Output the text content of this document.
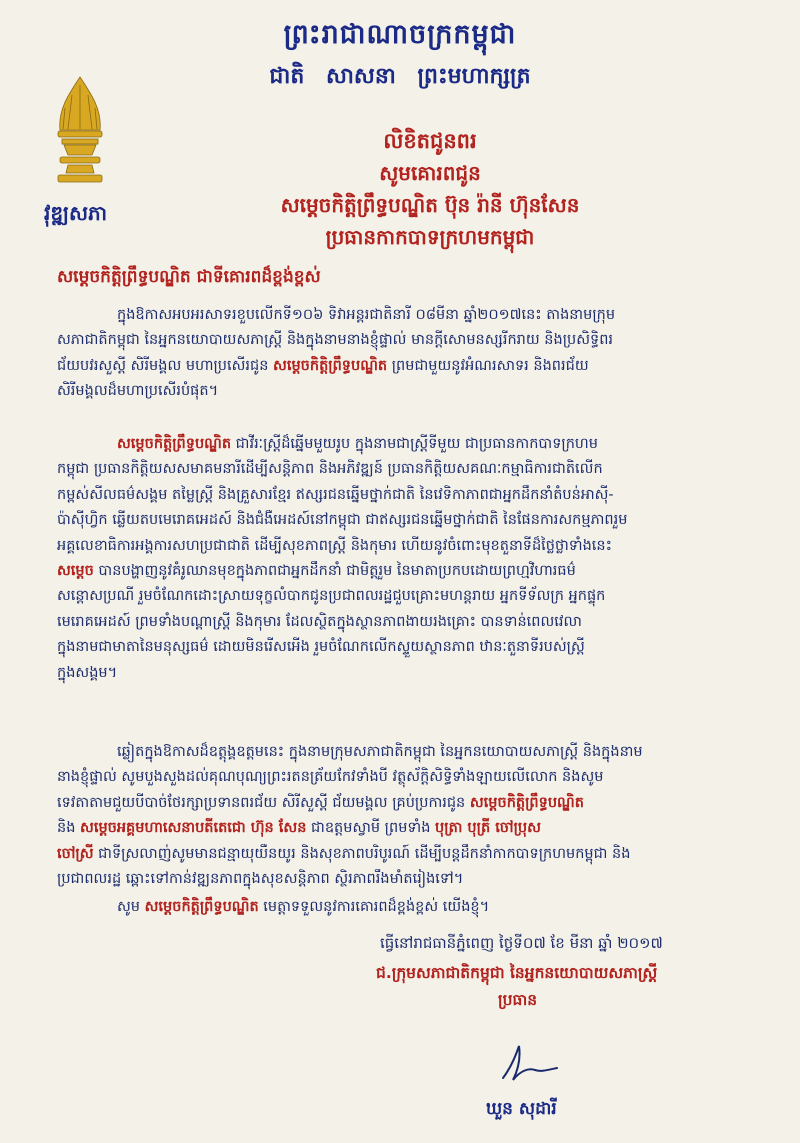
ព្រះរាជាណាចក្រកម្ពុជា
ជាតិ សាសនា ព្រះមហាក្សត្រ
វុឌ្ឍសភា
លិខិតជូនពរ
សូមគោរពជូន
សម្តេចកិត្តិព្រឹទ្ធបណ្ឌិត ប៊ុន រ៉ានី ហ៊ុនសែន
ប្រធានកាកបាទក្រហមកម្ពុជា
សម្តេចកិត្តិព្រឹទ្ធបណ្ឌិត ជាទីគោរពដ៏ខ្ពង់ខ្ពស់
ក្នុងឱកាសអបអរសាទរខួបលើកទី១០៦ ទិវាអន្តរជាតិនារី ០៨មីនា ឆ្នាំ២០១៧នេះ តាងនាមក្រុម
សភាជាតិកម្ពុជា នៃអ្នកនយោបាយសភាស្ត្រី និងក្នុងនាមនាងខ្ញុំផ្ទាល់ មានក្តីសោមនស្សរីករាយ និងប្រសិទ្ធិពរ
ជ័យបវរសួស្តី សិរីមង្គល មហាប្រសើរជូន សម្តេចកិត្តិព្រឹទ្ធបណ្ឌិត ព្រមជាមួយនូវអំណរសាទរ និងពរជ័យ
សិរីមង្គលដ៏មហាប្រសើរបំផុត។
សម្តេចកិត្តិព្រឹទ្ធបណ្ឌិត ជាវីរៈស្ត្រីដ៏ឆ្នើមមួយរូប ក្នុងនាមជាស្ត្រីទីមួយ ជាប្រធានកាកបាទក្រហម
កម្ពុជា ប្រធានកិត្តិយសសមាគមនារីដើម្បីសន្តិភាព និងអភិវឌ្ឍន៍ ប្រធានកិត្តិយសគណៈកម្មាធិការជាតិលើក
កម្ពស់សីលធម៌សង្គម តម្លៃស្ត្រី និងគ្រួសារខ្មែរ ឥស្សរជនឆ្នើមថ្នាក់ជាតិ នៃវេទិកាភាពជាអ្នកដឹកនាំតំបន់អាស៊ី-
ប៉ាស៊ីហ្វិក ឆ្លើយតបមេរោគអេដស៍ និងជំងឺអេដស៍នៅកម្ពុជា ជាឥស្សរជនឆ្នើមថ្នាក់ជាតិ នៃផែនការសកម្មភាពរួម
អគ្គលេខាធិការអង្គការសហប្រជាជាតិ ដើម្បីសុខភាពស្ត្រី និងកុមារ ហើយនូវចំពោះមុខតួនាទីដ៏ថ្លៃថ្លាទាំងនេះ
សម្តេច បានបង្ហាញនូវគំរូឈានមុខក្នុងភាពជាអ្នកដឹកនាំ ជាមិត្តរួម នៃមាតាប្រកបដោយព្រហ្មវិហារធម៌
សន្តោសប្រណី រួមចំណែកដោះស្រាយទុក្ខលំបាកជូនប្រជាពលរដ្ឋជួបគ្រោះមហន្តរាយ អ្នកទីទ័លក្រ អ្នកផ្ទុក
មេរោគអេដស៍ ព្រមទាំងបណ្តាស្ត្រី និងកុមារ ដែលស្ថិតក្នុងស្ថានភាពងាយរងគ្រោះ បានទាន់ពេលវេលា
ក្នុងនាមជាមាតានៃមនុស្សធម៌ ដោយមិនរើសអើង រួមចំណែកលើកស្ទួយស្ថានភាព ឋានៈតួនាទីរបស់ស្ត្រី
ក្នុងសង្គម។
ឆ្លៀតក្នុងឱកាសដ៏ឧត្តុង្គឧត្តមនេះ ក្នុងនាមក្រុមសភាជាតិកម្ពុជា នៃអ្នកនយោបាយសភាស្ត្រី និងក្នុងនាម
នាងខ្ញុំផ្ទាល់ សូមបួងសួងដល់គុណបុណ្យព្រះរតនត្រ័យកែវទាំងបី វត្ថុស័ក្តិសិទ្ធិទាំងឡាយលើលោក និងសូម
ទេវតាតាមជួយបីបាច់ថែរក្សាប្រទានពរជ័យ សិរីសួស្តី ជ័យមង្គល គ្រប់ប្រការជូន សម្តេចកិត្តិព្រឹទ្ធបណ្ឌិត
និង សម្តេចអគ្គមហាសេនាបតីតេជោ ហ៊ុន សែន ជាឧត្តមស្វាមី ព្រមទាំង បុត្រា បុត្រី ចៅប្រុស
ចៅស្រី ជាទីស្រលាញ់សូមមានជន្មាយុយឺនយូរ និងសុខភាពបរិបូរណ៍ ដើម្បីបន្តដឹកនាំកាកបាទក្រហមកម្ពុជា និង
ប្រជាពលរដ្ឋ ឆ្ពោះទៅកាន់វឌ្ឍនភាពក្នុងសុខសន្តិភាព ស្ថិរភាពរឹងមាំតរៀងទៅ។
សូម សម្តេចកិត្តិព្រឹទ្ធបណ្ឌិត មេត្តាទទួលនូវការគោរពដ៏ខ្ពង់ខ្ពស់ យើងខ្ញុំ។
ធ្វើនៅរាជធានីភ្នំពេញ ថ្ងៃទី០៧ ខែ មីនា ឆ្នាំ ២០១៧
ជ.ក្រុមសភាជាតិកម្ពុជា នៃអ្នកនយោបាយសភាស្ត្រី
ប្រធាន
ឃួន សុដារី
